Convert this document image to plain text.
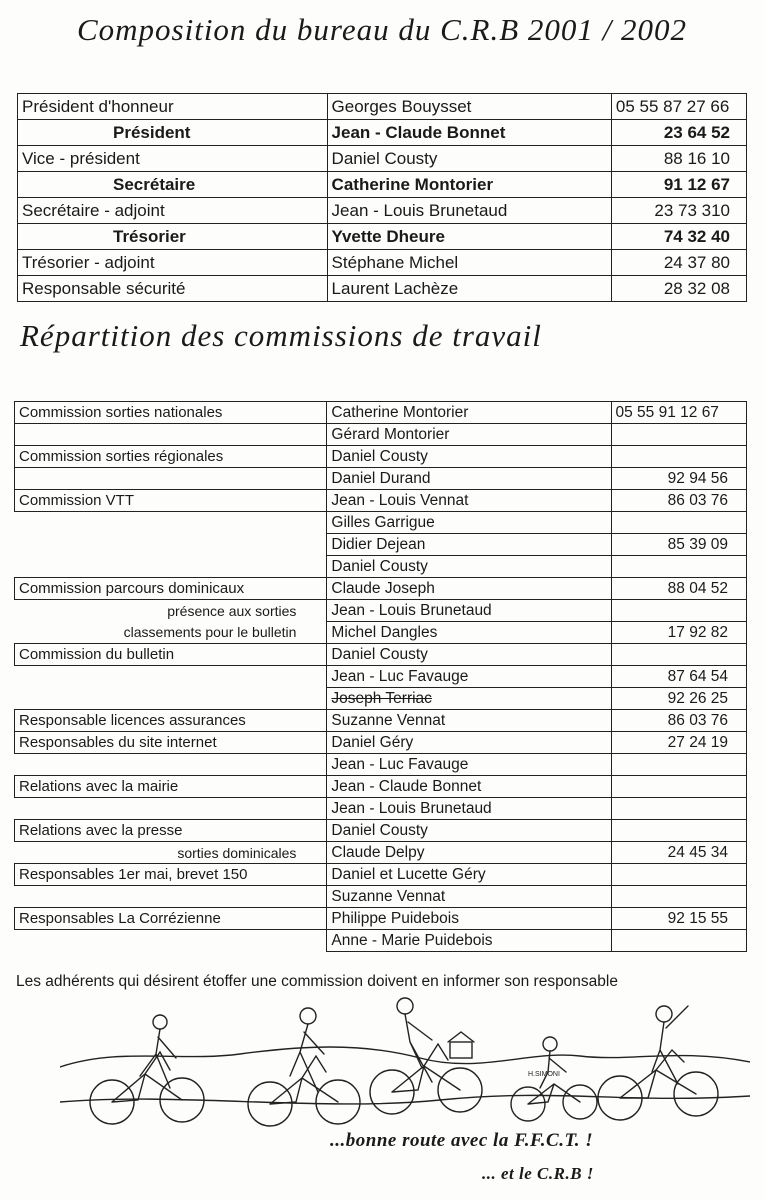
Composition du bureau du C.R.B 2001 / 2002
Président d'honneur	Georges Bouysset	05 55 87 27 66
Président	Jean - Claude Bonnet	23 64 52
Vice - président	Daniel Cousty	88 16 10
Secrétaire	Catherine Montorier	91 12 67
Secrétaire - adjoint	Jean - Louis Brunetaud	23 73 310
Trésorier	Yvette Dheure	74 32 40
Trésorier - adjoint	Stéphane Michel	24 37 80
Responsable sécurité	Laurent Lachèze	28 32 08
Répartition des commissions de travail
Commission sorties nationales	Catherine Montorier	05 55 91 12 67
	Gérard Montorier	
Commission sorties régionales	Daniel Cousty	
	Daniel Durand	92 94 56
Commission VTT	Jean - Louis Vennat	86 03 76
	Gilles Garrigue	
	Didier Dejean	85 39 09
	Daniel Cousty	
Commission parcours dominicaux	Claude Joseph	88 04 52
présence aux sorties	Jean - Louis Brunetaud	
classements pour le bulletin	Michel Dangles	17 92 82
Commission du bulletin	Daniel Cousty	
	Jean - Luc Favauge	87 64 54
	Joseph Terriac	92 26 25
Responsable licences assurances	Suzanne Vennat	86 03 76
Responsables du site internet	Daniel Géry	27 24 19
	Jean - Luc Favauge	
Relations avec la mairie	Jean - Claude Bonnet	
	Jean - Louis Brunetaud	
Relations avec la presse	Daniel Cousty	
sorties dominicales	Claude Delpy	24 45 34
Responsables 1er mai, brevet 150	Daniel et Lucette Géry	
	Suzanne Vennat	
Responsables La Corrézienne	Philippe Puidebois	92 15 55
	Anne - Marie Puidebois	
Les adhérents qui désirent étoffer une commission doivent en informer son responsable
H.SIMONI
...bonne route avec la F.F.C.T. !
... et le C.R.B !
